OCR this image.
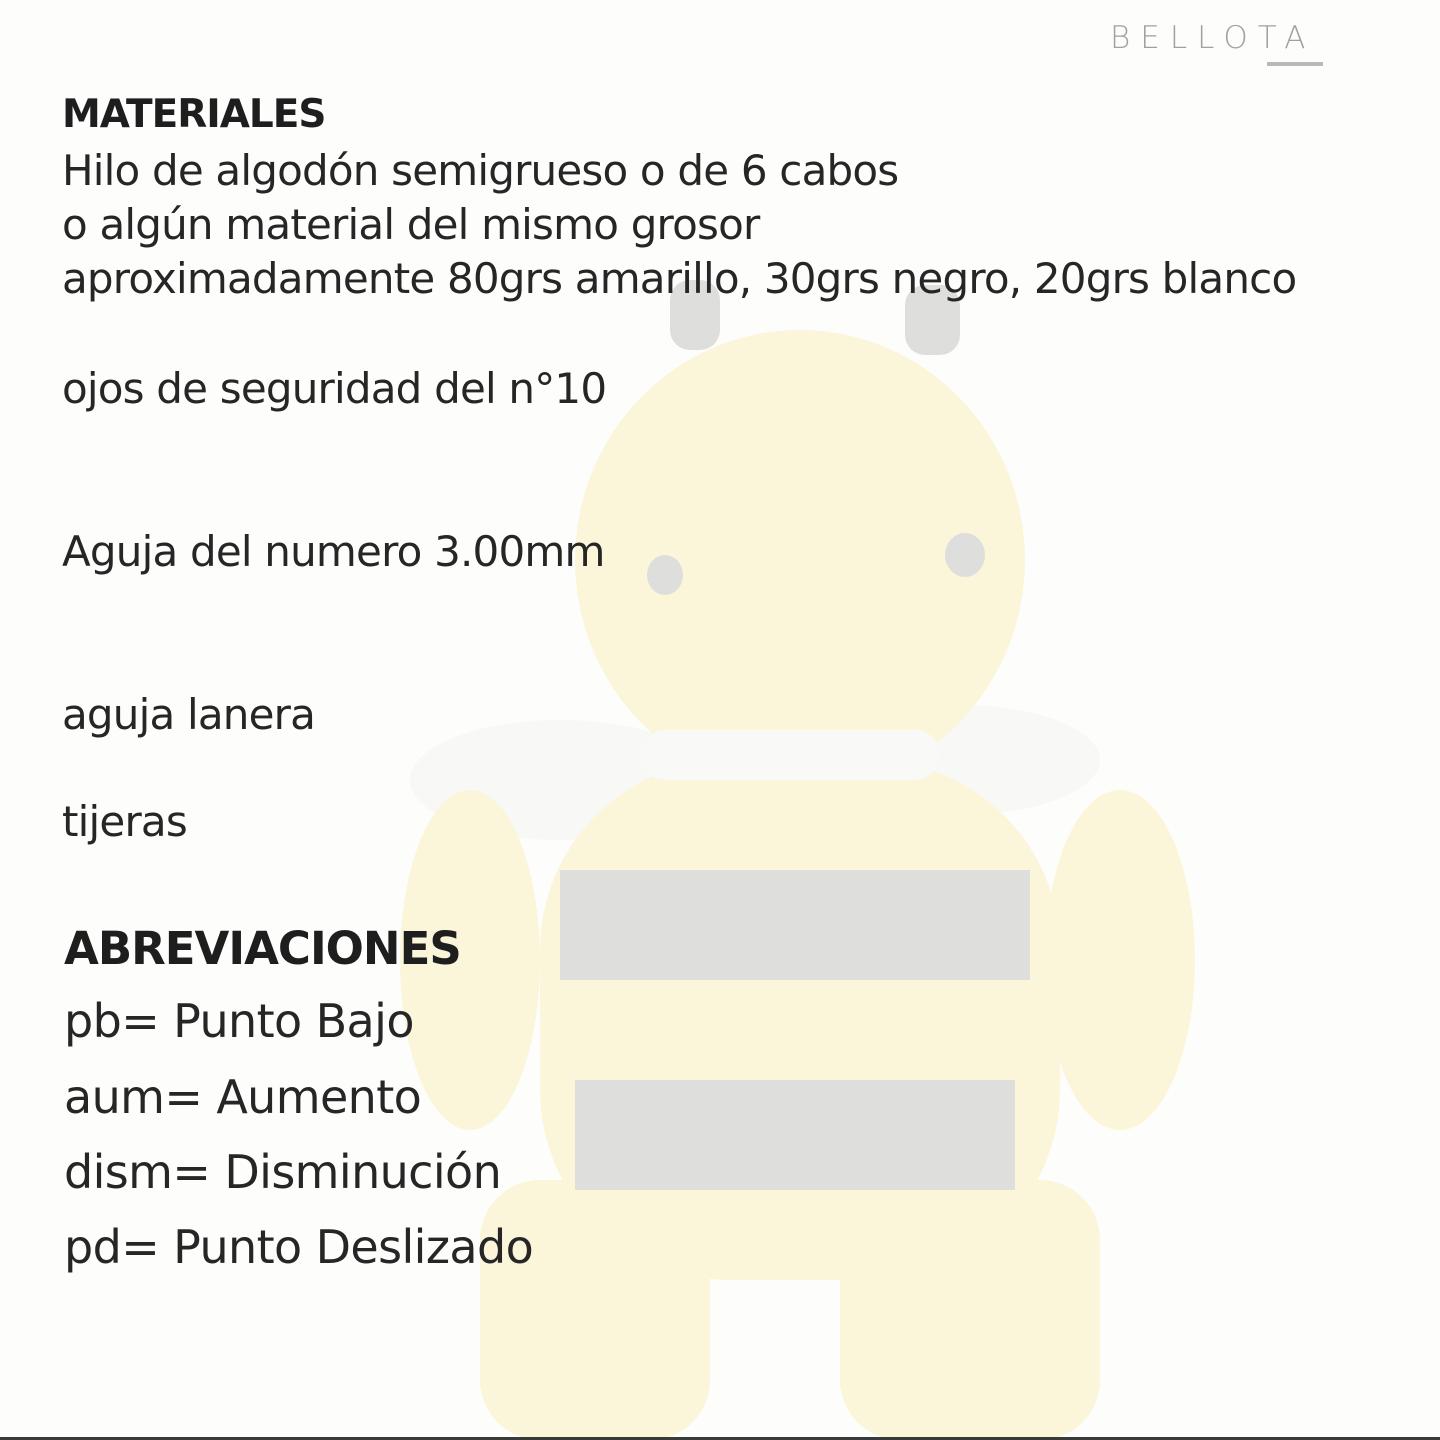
BELLOTA

MATERIALES

Hilo de algodón semigrueso o de 6 cabos

o algún material del mismo grosor

aproximadamente 80grs amarillo, 30grs negro, 20grs blanco

ojos de seguridad del n°10

Aguja del numero 3.00mm

aguja lanera

tijeras

ABREVIACIONES

pb= Punto Bajo

aum= Aumento

dism= Disminución

pd= Punto Deslizado
